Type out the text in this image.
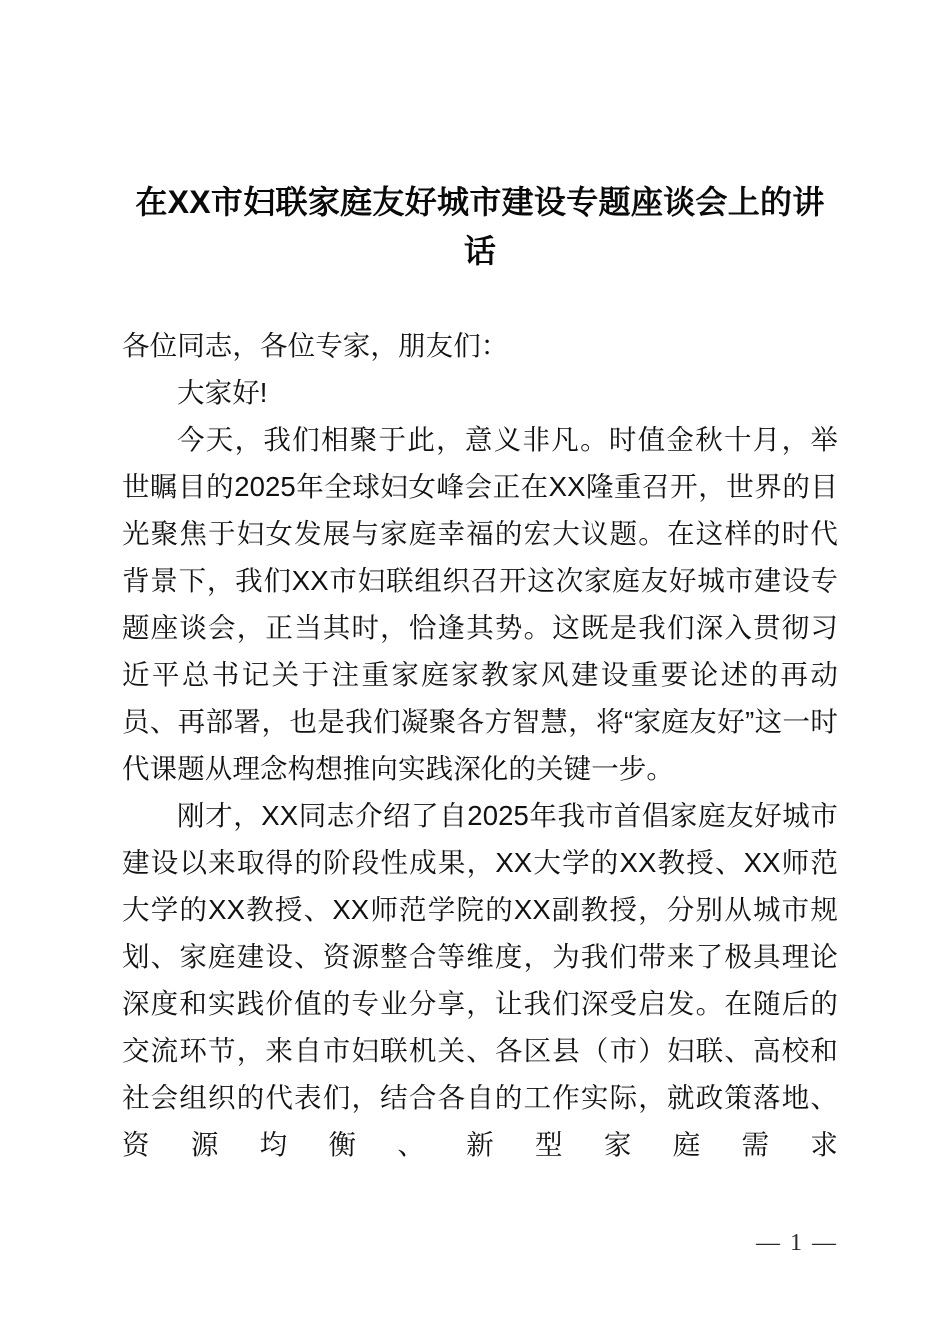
在XX市妇联家庭友好城市建设专题座谈会上的讲话

各位同志，各位专家，朋友们：

大家好!

今天，我们相聚于此，意义非凡。时值金秋十月，举世瞩目的2025年全球妇女峰会正在XX隆重召开，世界的目光聚焦于妇女发展与家庭幸福的宏大议题。在这样的时代背景下，我们XX市妇联组织召开这次家庭友好城市建设专题座谈会，正当其时，恰逢其势。这既是我们深入贯彻习近平总书记关于注重家庭家教家风建设重要论述的再动员、再部署，也是我们凝聚各方智慧，将“家庭友好”这一时代课题从理念构想推向实践深化的关键一步。

刚才，XX同志介绍了自2025年我市首倡家庭友好城市建设以来取得的阶段性成果，XX大学的XX教授、XX师范大学的XX教授、XX师范学院的XX副教授，分别从城市规划、家庭建设、资源整合等维度，为我们带来了极具理论深度和实践价值的专业分享，让我们深受启发。在随后的交流环节，来自市妇联机关、各区县（市）妇联、高校和社会组织的代表们，结合各自的工作实际，就政策落地、资源均衡、新型家庭需求

— 1 —
